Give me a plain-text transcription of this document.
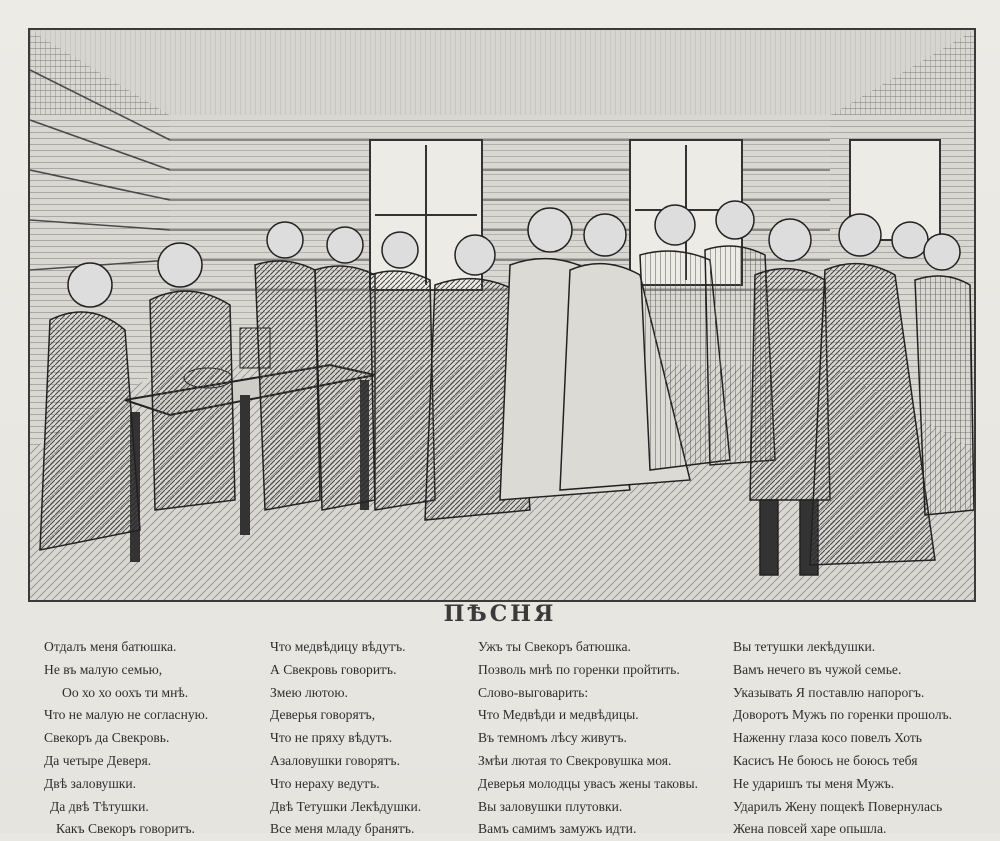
ПѢСНЯ
Отдалъ меня батюшка.
Не въ малую семью,
Оо хо хо оохъ ти мнѣ.
Что не малую не согласную.
Свекоръ да Свекровь.
Да четыре Деверя.
Двѣ заловушки.
Да двѣ Тѣтушки.
Какъ Свекоръ говоритъ.
Что медвѣдицу вѣдутъ.
А Свекровь говоритъ.
Змею лютою.
Деверья говорятъ,
Что не пряху вѣдутъ.
Азаловушки говорятъ.
Что нераху ведутъ.
Двѣ Тетушки Лекѣдушки.
Все меня младу бранятъ.
Ужъ ты Свекоръ батюшка.
Позволь мнѣ по горенки пройтить.
Слово-выговарить:
Что Медвѣди и медвѣдицы.
Въ темномъ лѣсу живутъ.
Змѣи лютая то Свекровушка моя.
Деверья молодцы увасъ жены таковы.
Вы заловушки плутовки.
Вамъ самимъ замужъ идти.
Вы тетушки лекѣдушки.
Вамъ нечего въ чужой семье.
Указывать Я поставлю напорогъ.
Доворотъ Мужъ по горенки прошолъ.
Наженну глаза косо повелъ Хоть
Касисъ Не боюсь не боюсь тебя
Не ударишъ ты меня Мужъ.
Ударилъ Жену пощекѣ Повернулась
Жена повсей харе опьшла.
